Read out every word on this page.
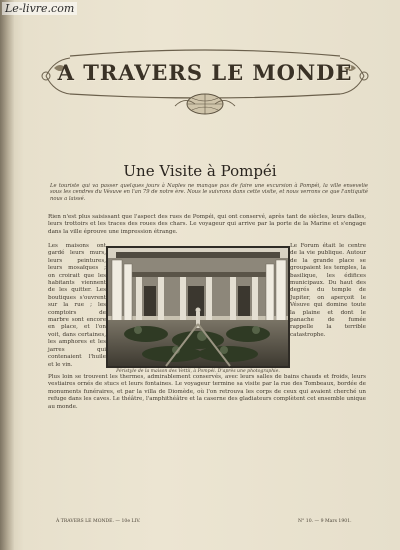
Le-livre.com
A TRAVERS LE MONDE
Une Visite à Pompéi
Le touriste qui va passer quelques jours à Naples ne manque pas de faire une excursion à Pompéi, la ville ensevelie sous les cendres du Vésuve en l'an 79 de notre ère. Nous le suivrons dans cette visite, et nous verrons ce que l'antiquité nous a laissé.
Rien n'est plus saisissant que l'aspect des rues de Pompéi, qui ont conservé, après tant de siècles, leurs dalles, leurs trottoirs et les traces des roues des chars. Le voyageur qui arrive par la porte de la Marine et s'engage dans la ville éprouve une impression étrange.
Les maisons ont gardé leurs murs, leurs peintures, leurs mosaïques ; on croirait que les habitants viennent de les quitter. Les boutiques s'ouvrent sur la rue ; les comptoirs de marbre sont encore en place, et l'on voit, dans certaines, les amphores et les jarres qui contenaient l'huile et le vin.
Péristyle de la maison des Vettii, à Pompéi. D'après une photographie.
Le Forum était le centre de la vie publique. Autour de la grande place se groupaient les temples, la basilique, les édifices municipaux. Du haut des degrés du temple de Jupiter, on aperçoit le Vésuve qui domine toute la plaine et dont le panache de fumée rappelle la terrible catastrophe.
Plus loin se trouvent les thermes, admirablement conservés, avec leurs salles de bains chauds et froids, leurs vestiaires ornés de stucs et leurs fontaines. Le voyageur termine sa visite par la rue des Tombeaux, bordée de monuments funéraires, et par la villa de Diomède, où l'on retrouva les corps de ceux qui avaient cherché un refuge dans les caves. Le théâtre, l'amphithéâtre et la caserne des gladiateurs complètent cet ensemble unique au monde.
À TRAVERS LE MONDE. — 10e LIV.	N° 10. — 9 Mars 1901.
